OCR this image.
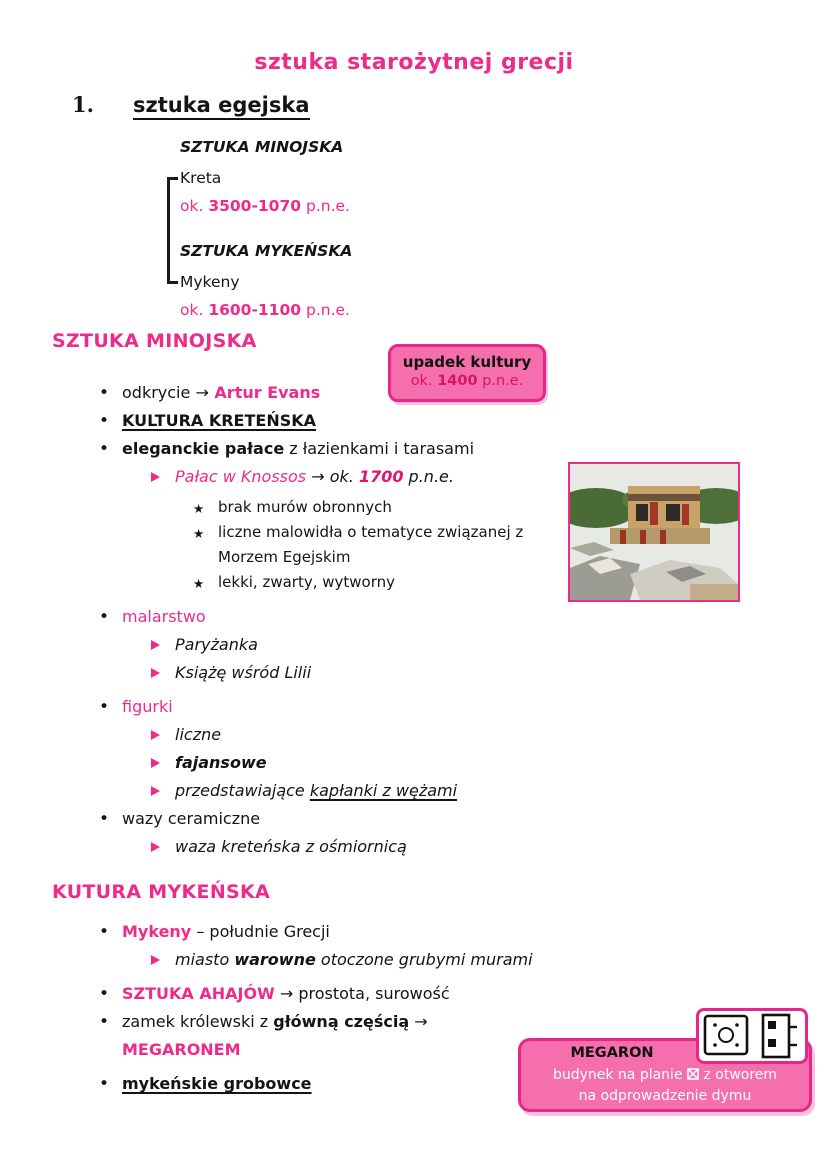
sztuka starożytnej grecji
1. sztuka egejska
SZTUKA MINOJSKA
Kreta
ok. 3500-1070 p.n.e.
SZTUKA MYKEŃSKA
Mykeny
ok. 1600-1100 p.n.e.
upadek kultury
ok. 1400 p.n.e.
SZTUKA MINOJSKA
• odkrycie → Artur Evans
• KULTURA KRETEŃSKA
• eleganckie pałace z łazienkami i tarasami
Pałac w Knossos → ok. 1700 p.n.e.
★ brak murów obronnych
★ liczne malowidła o tematyce związanej z Morzem Egejskim
★ lekki, zwarty, wytworny
• malarstwo
Paryżanka
Książę wśród Lilii
• figurki
liczne
fajansowe
przedstawiające kapłanki z wężami
• wazy ceramiczne
waza kreteńska z ośmiornicą
KUTURA MYKEŃSKA
• Mykeny – południe Grecji
miasto warowne otoczone grubymi murami
• SZTUKA AHAJÓW → prostota, surowość
• zamek królewski z główną częścią →
MEGARONEM
• mykeńskie grobowce
MEGARON
budynek na planie z otworem
na odprowadzenie dymu
